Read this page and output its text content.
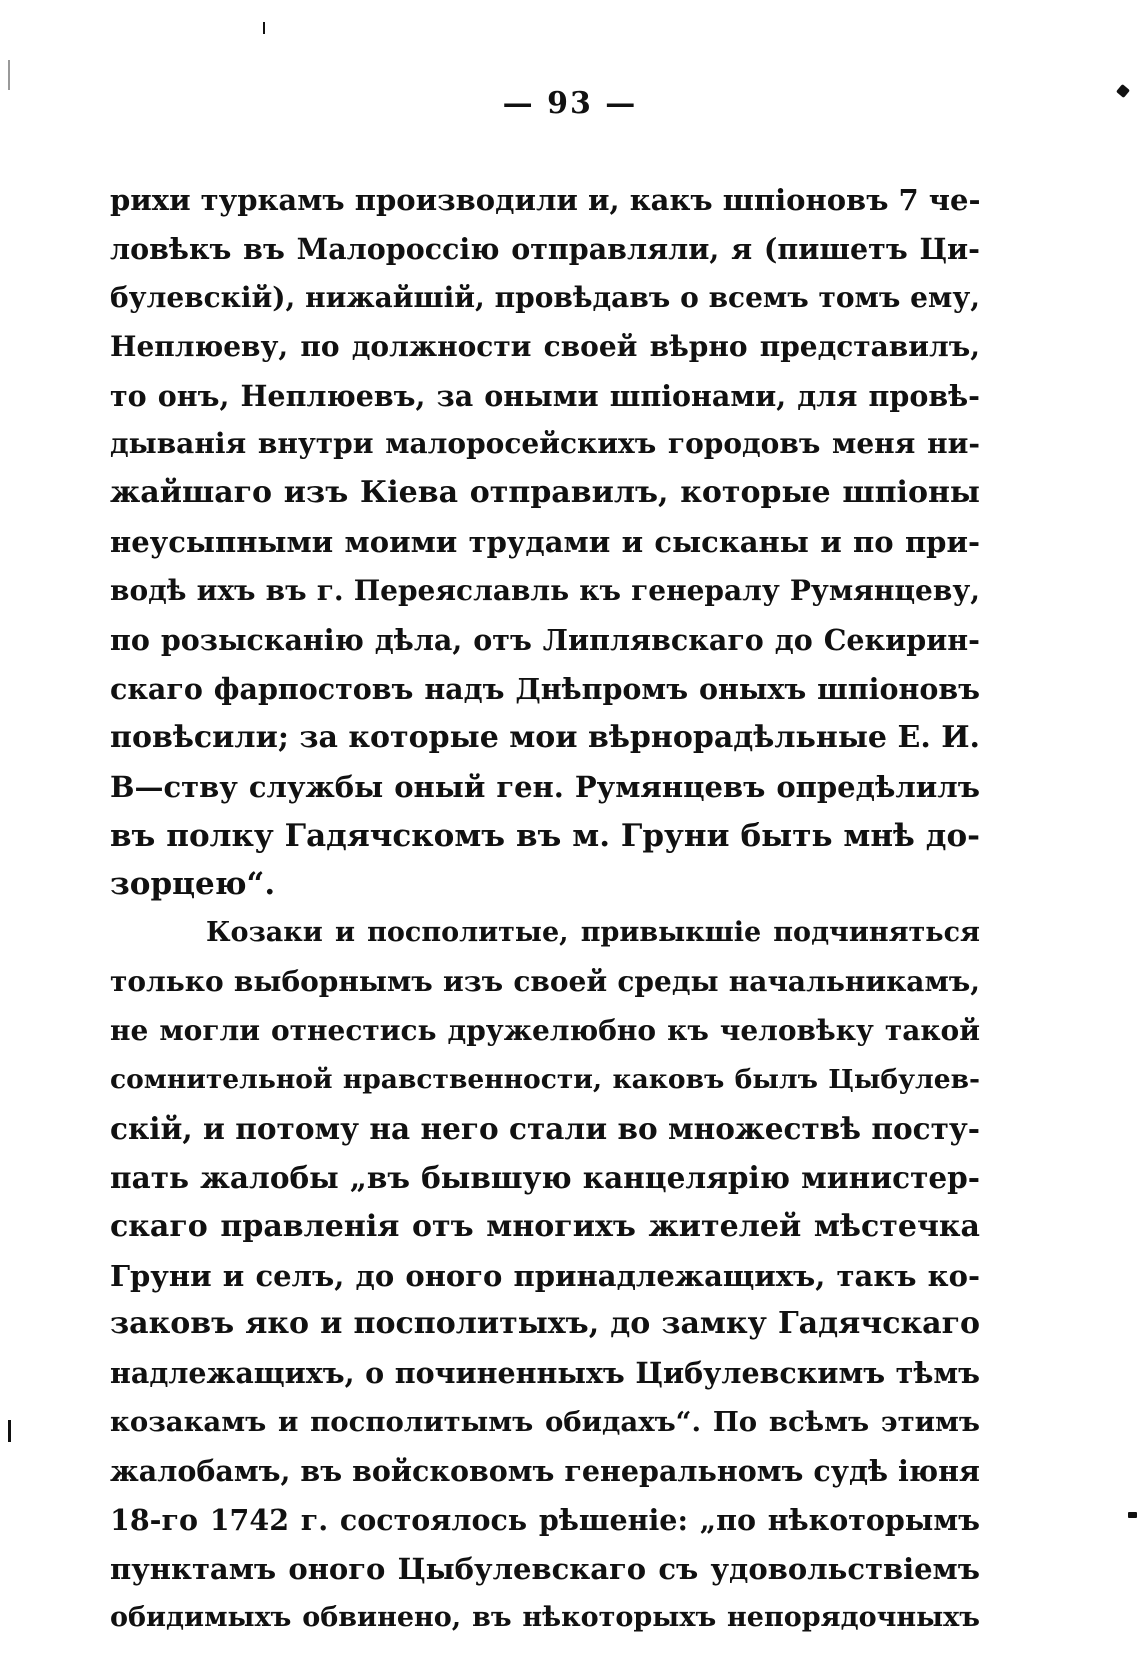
— 93 —
рихи туркамъ производили и, какъ шпіоновъ 7 че-
ловѣкъ въ Малороссію отправляли, я (пишетъ Ци-
булевскій), нижайшій, провѣдавъ о всемъ томъ ему,
Неплюеву, по должности своей вѣрно представилъ,
то онъ, Неплюевъ, за оными шпіонами, для провѣ-
дыванія внутри малоросейскихъ городовъ меня ни-
жайшаго изъ Кіева отправилъ, которые шпіоны
неусыпными моими трудами и сысканы и по при-
водѣ ихъ въ г. Переяславль къ генералу Румянцеву,
по розысканію дѣла, отъ Липлявскаго до Секирин-
скаго фарпостовъ надъ Днѣпромъ оныхъ шпіоновъ
повѣсили; за которые мои вѣрнорадѣльные Е. И.
В—ству службы оный ген. Румянцевъ опредѣлилъ
въ полку Гадячскомъ въ м. Груни быть мнѣ до-
зорцею“.
Козаки и посполитые, привыкшіе подчиняться
только выборнымъ изъ своей среды начальникамъ,
не могли отнестись дружелюбно къ человѣку такой
сомнительной нравственности, каковъ былъ Цыбулев-
скій, и потому на него стали во множествѣ посту-
пать жалобы „въ бывшую канцелярію министер-
скаго правленія отъ многихъ жителей мѣстечка
Груни и селъ, до оного принадлежащихъ, такъ ко-
заковъ яко и посполитыхъ, до замку Гадячскаго
надлежащихъ, о починенныхъ Цибулевскимъ тѣмъ
козакамъ и посполитымъ обидахъ“. По всѣмъ этимъ
жалобамъ, въ войсковомъ генеральномъ судѣ іюня
18-го 1742 г. состоялось рѣшеніе: „по нѣкоторымъ
пунктамъ оного Цыбулевскаго съ удовольствіемъ
обидимыхъ обвинено, въ нѣкоторыхъ непорядочныхъ
